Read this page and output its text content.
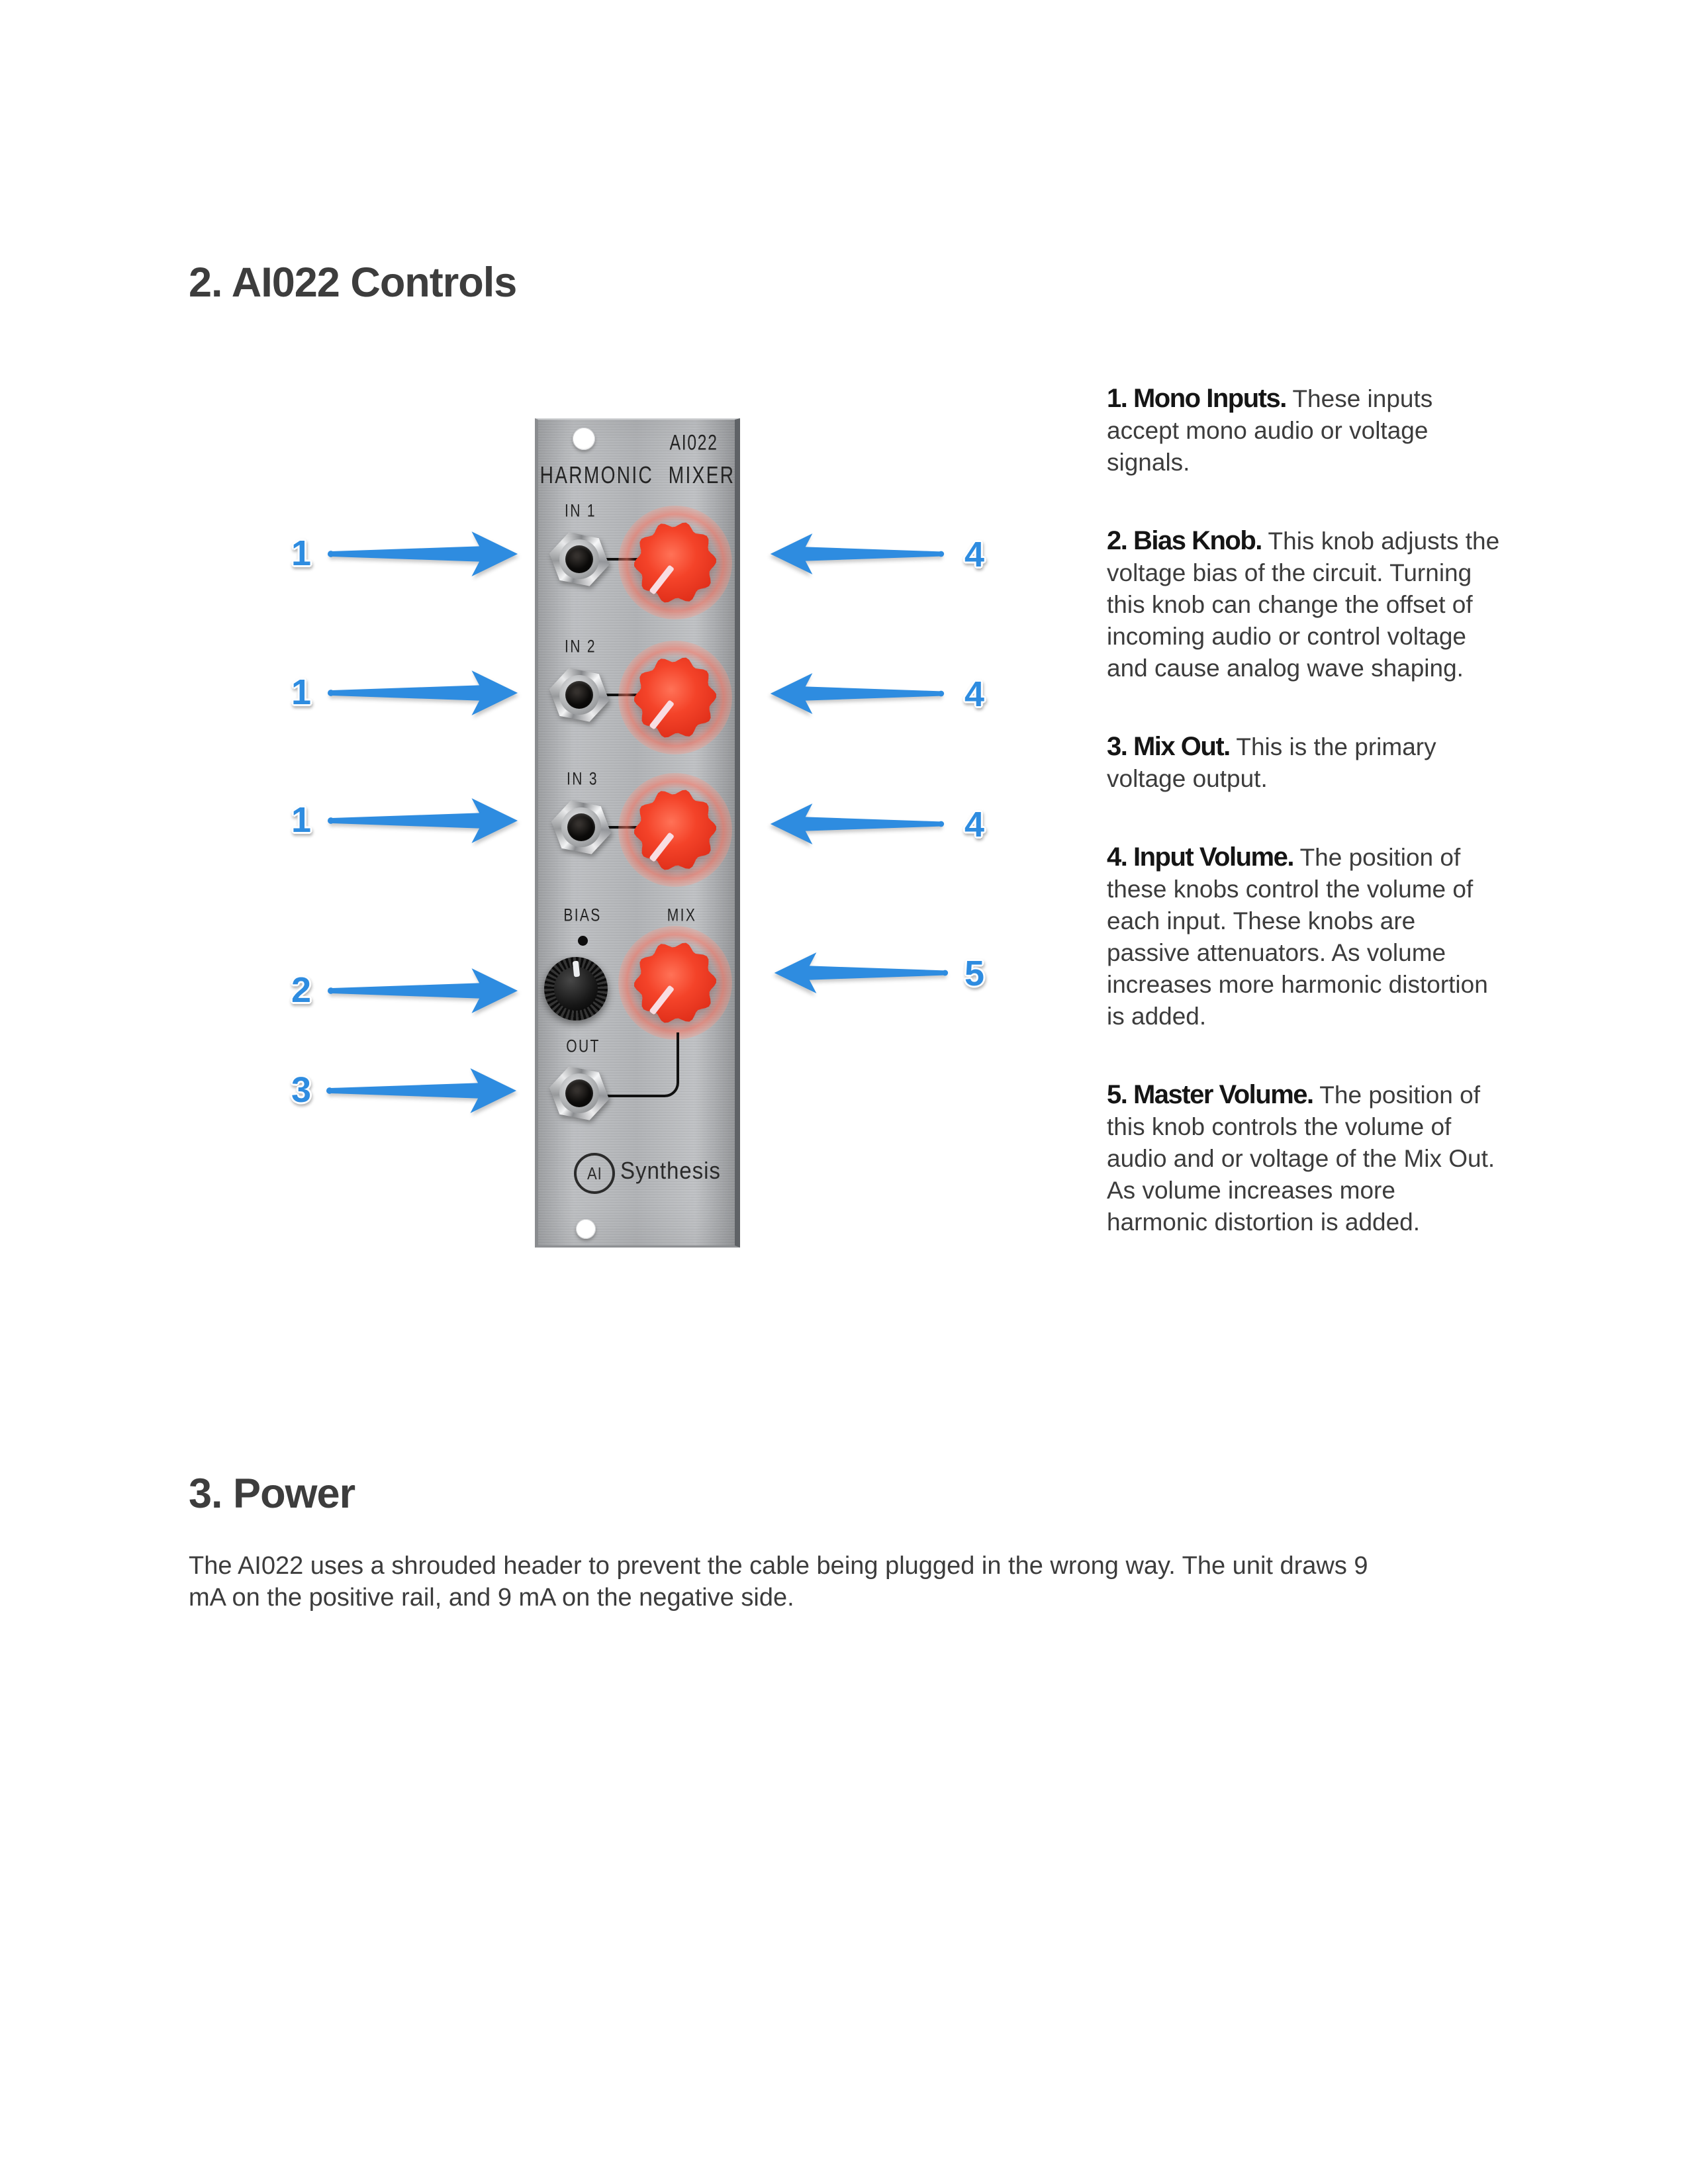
2. AI022 Controls
AI022
HARMONIC MIXER
IN 1
IN 2
IN 3
BIAS	MIX
OUT
AI Synthesis
1
1
1
2
3
4
4
4
5

1. Mono Inputs. These inputs accept mono audio or voltage signals.

2. Bias Knob. This knob adjusts the voltage bias of the circuit. Turning this knob can change the offset of incoming audio or control voltage and cause analog wave shaping.

3. Mix Out. This is the primary voltage output.

4. Input Volume. The position of these knobs control the volume of each input. These knobs are passive attenuators. As volume increases more harmonic distortion is added.

5. Master Volume. The position of this knob controls the volume of audio and or voltage of the Mix Out. As volume increases more harmonic distortion is added.

3. Power

The AI022 uses a shrouded header to prevent the cable being plugged in the wrong way. The unit draws 9 mA on the positive rail, and 9 mA on the negative side.
